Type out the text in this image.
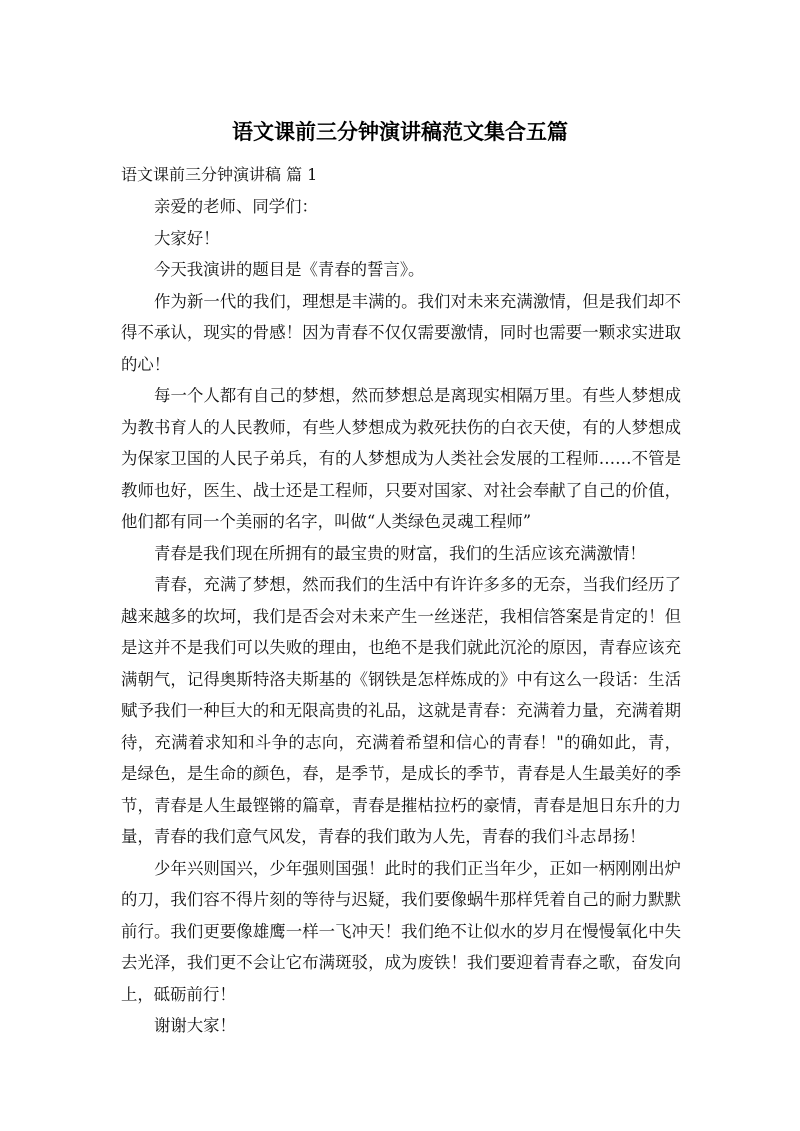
语文课前三分钟演讲稿范文集合五篇
语文课前三分钟演讲稿 篇 1

亲爱的老师、同学们：

大家好！

今天我演讲的题目是《青春的誓言》。

作为新一代的我们，理想是丰满的。我们对未来充满激情，但是我们却不得不承认，现实的骨感！因为青春不仅仅需要激情，同时也需要一颗求实进取的心！

每一个人都有自己的梦想，然而梦想总是离现实相隔万里。有些人梦想成为教书育人的人民教师，有些人梦想成为救死扶伤的白衣天使，有的人梦想成为保家卫国的人民子弟兵，有的人梦想成为人类社会发展的工程师……不管是教师也好，医生、战士还是工程师，只要对国家、对社会奉献了自己的价值，他们都有同一个美丽的名字，叫做“人类绿色灵魂工程师”

青春是我们现在所拥有的最宝贵的财富，我们的生活应该充满激情！

青春，充满了梦想，然而我们的生活中有许许多多的无奈，当我们经历了越来越多的坎坷，我们是否会对未来产生一丝迷茫，我相信答案是肯定的！但是这并不是我们可以失败的理由，也绝不是我们就此沉沦的原因，青春应该充满朝气，记得奥斯特洛夫斯基的《钢铁是怎样炼成的》中有这么一段话：生活赋予我们一种巨大的和无限高贵的礼品，这就是青春：充满着力量，充满着期待，充满着求知和斗争的志向，充满着希望和信心的青春！"的确如此，青，是绿色，是生命的颜色，春，是季节，是成长的季节，青春是人生最美好的季节，青春是人生最铿锵的篇章，青春是摧枯拉朽的豪情，青春是旭日东升的力量，青春的我们意气风发，青春的我们敢为人先，青春的我们斗志昂扬！

少年兴则国兴，少年强则国强！此时的我们正当年少，正如一柄刚刚出炉的刀，我们容不得片刻的等待与迟疑，我们要像蜗牛那样凭着自己的耐力默默前行。我们更要像雄鹰一样一飞冲天！我们绝不让似水的岁月在慢慢氧化中失去光泽，我们更不会让它布满斑驳，成为废铁！我们要迎着青春之歌，奋发向上，砥砺前行！

谢谢大家！
